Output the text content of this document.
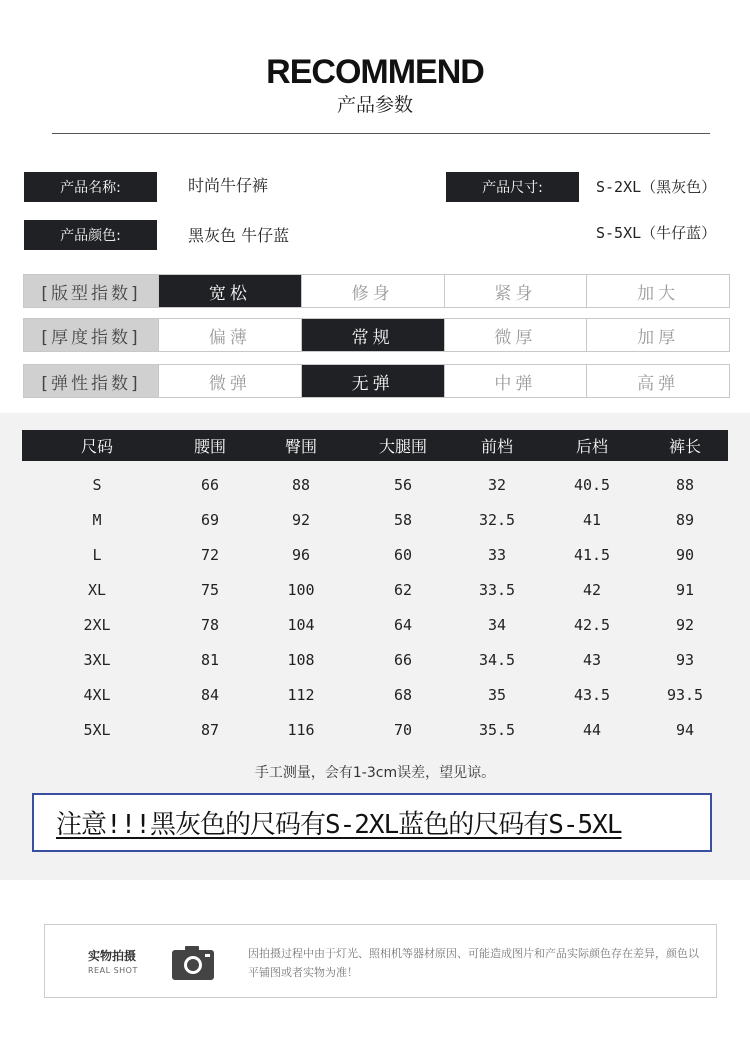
RECOMMEND
产品参数
产品名称:	时尚牛仔裤
产品颜色:	黑灰色 牛仔蓝
产品尺寸:	S-2XL（黑灰色）
S-5XL（牛仔蓝）
[版型指数]	宽松	修身	紧身	加大
[厚度指数]	偏薄	常规	微厚	加厚
[弹性指数]	微弹	无弹	中弹	高弹
尺码	腰围	臀围	大腿围	前档	后档	裤长
S	66	88	56	32	40.5	88
M	69	92	58	32.5	41	89
L	72	96	60	33	41.5	90
XL	75	100	62	33.5	42	91
2XL	78	104	64	34	42.5	92
3XL	81	108	66	34.5	43	93
4XL	84	112	68	35	43.5	93.5
5XL	87	116	70	35.5	44	94
手工测量，会有1-3cm误差，望见谅。
注意!!!黑灰色的尺码有S-2XL蓝色的尺码有S-5XL
实物拍摄
REAL SHOT
因拍摄过程中由于灯光、照相机等器材原因、可能造成图片和产品实际颜色存在差异，颜色以平铺图或者实物为准！
